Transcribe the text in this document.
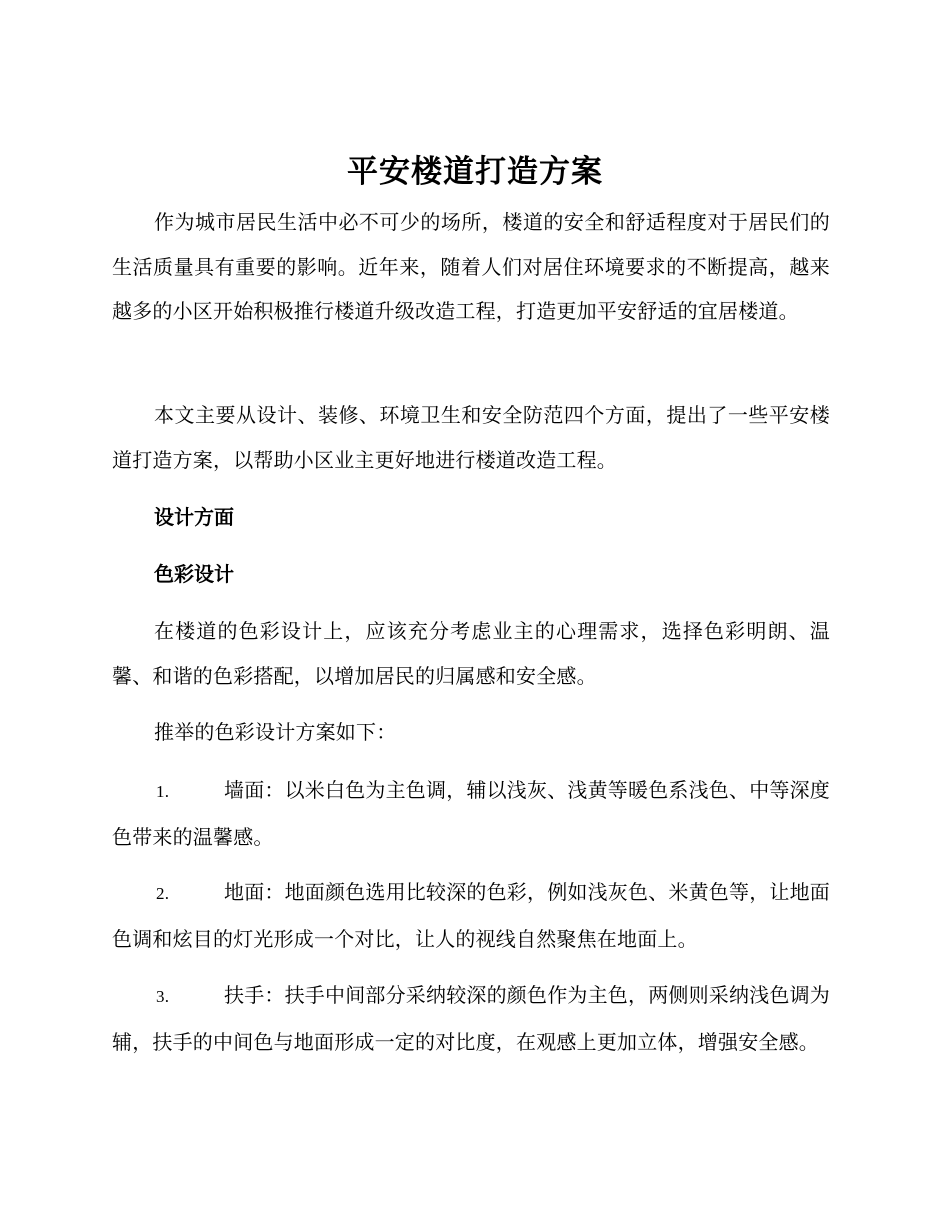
平安楼道打造方案
作为城市居民生活中必不可少的场所，楼道的安全和舒适程度对于居民们的生活质量具有重要的影响。近年来，随着人们对居住环境要求的不断提高，越来越多的小区开始积极推行楼道升级改造工程，打造更加平安舒适的宜居楼道。
本文主要从设计、装修、环境卫生和安全防范四个方面，提出了一些平安楼道打造方案，以帮助小区业主更好地进行楼道改造工程。
设计方面
色彩设计
在楼道的色彩设计上，应该充分考虑业主的心理需求，选择色彩明朗、温馨、和谐的色彩搭配，以增加居民的归属感和安全感。
推举的色彩设计方案如下：
1.	墙面：以米白色为主色调，辅以浅灰、浅黄等暖色系浅色、中等深度色带来的温馨感。
2.	地面：地面颜色选用比较深的色彩，例如浅灰色、米黄色等，让地面色调和炫目的灯光形成一个对比，让人的视线自然聚焦在地面上。
3.	扶手：扶手中间部分采纳较深的颜色作为主色，两侧则采纳浅色调为辅，扶手的中间色与地面形成一定的对比度，在观感上更加立体，增强安全感。
